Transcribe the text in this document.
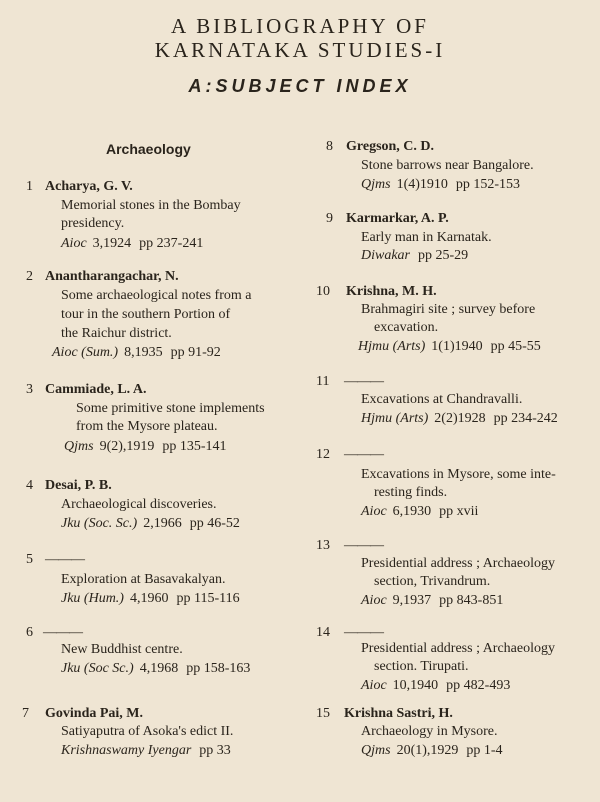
A BIBLIOGRAPHY OF
KARNATAKA STUDIES-I
A:SUBJECT INDEX
Archaeology
1 Acharya, G. V.
Memorial stones in the Bombay
presidency.
Aioc 3,1924 pp 237-241
2 Anantharangachar, N.
Some archaeological notes from a
tour in the southern Portion of
the Raichur district.
Aioc (Sum.) 8,1935 pp 91-92
3 Cammiade, L. A.
Some primitive stone implements
from the Mysore plateau.
Qjms 9(2),1919 pp 135-141
4 Desai, P. B.
Archaeological discoveries.
Jku (Soc. Sc.) 2,1966 pp 46-52
5 ———
Exploration at Basavakalyan.
Jku (Hum.) 4,1960 pp 115-116
6 ———
New Buddhist centre.
Jku (Soc Sc.) 4,1968 pp 158-163
7 Govinda Pai, M.
Satiyaputra of Asoka's edict II.
Krishnaswamy Iyengar pp 33
8 Gregson, C. D.
Stone barrows near Bangalore.
Qjms 1(4)1910 pp 152-153
9 Karmarkar, A. P.
Early man in Karnatak.
Diwakar pp 25-29
10 Krishna, M. H.
Brahmagiri site ; survey before
excavation.
Hjmu (Arts) 1(1)1940 pp 45-55
11 ———
Excavations at Chandravalli.
Hjmu (Arts) 2(2)1928 pp 234-242
12 ———
Excavations in Mysore, some inte-
resting finds.
Aioc 6,1930 pp xvii
13 ———
Presidential address ; Archaeology
section, Trivandrum.
Aioc 9,1937 pp 843-851
14 ———
Presidential address ; Archaeology
section. Tirupati.
Aioc 10,1940 pp 482-493
15 Krishna Sastri, H.
Archaeology in Mysore.
Qjms 20(1),1929 pp 1-4
